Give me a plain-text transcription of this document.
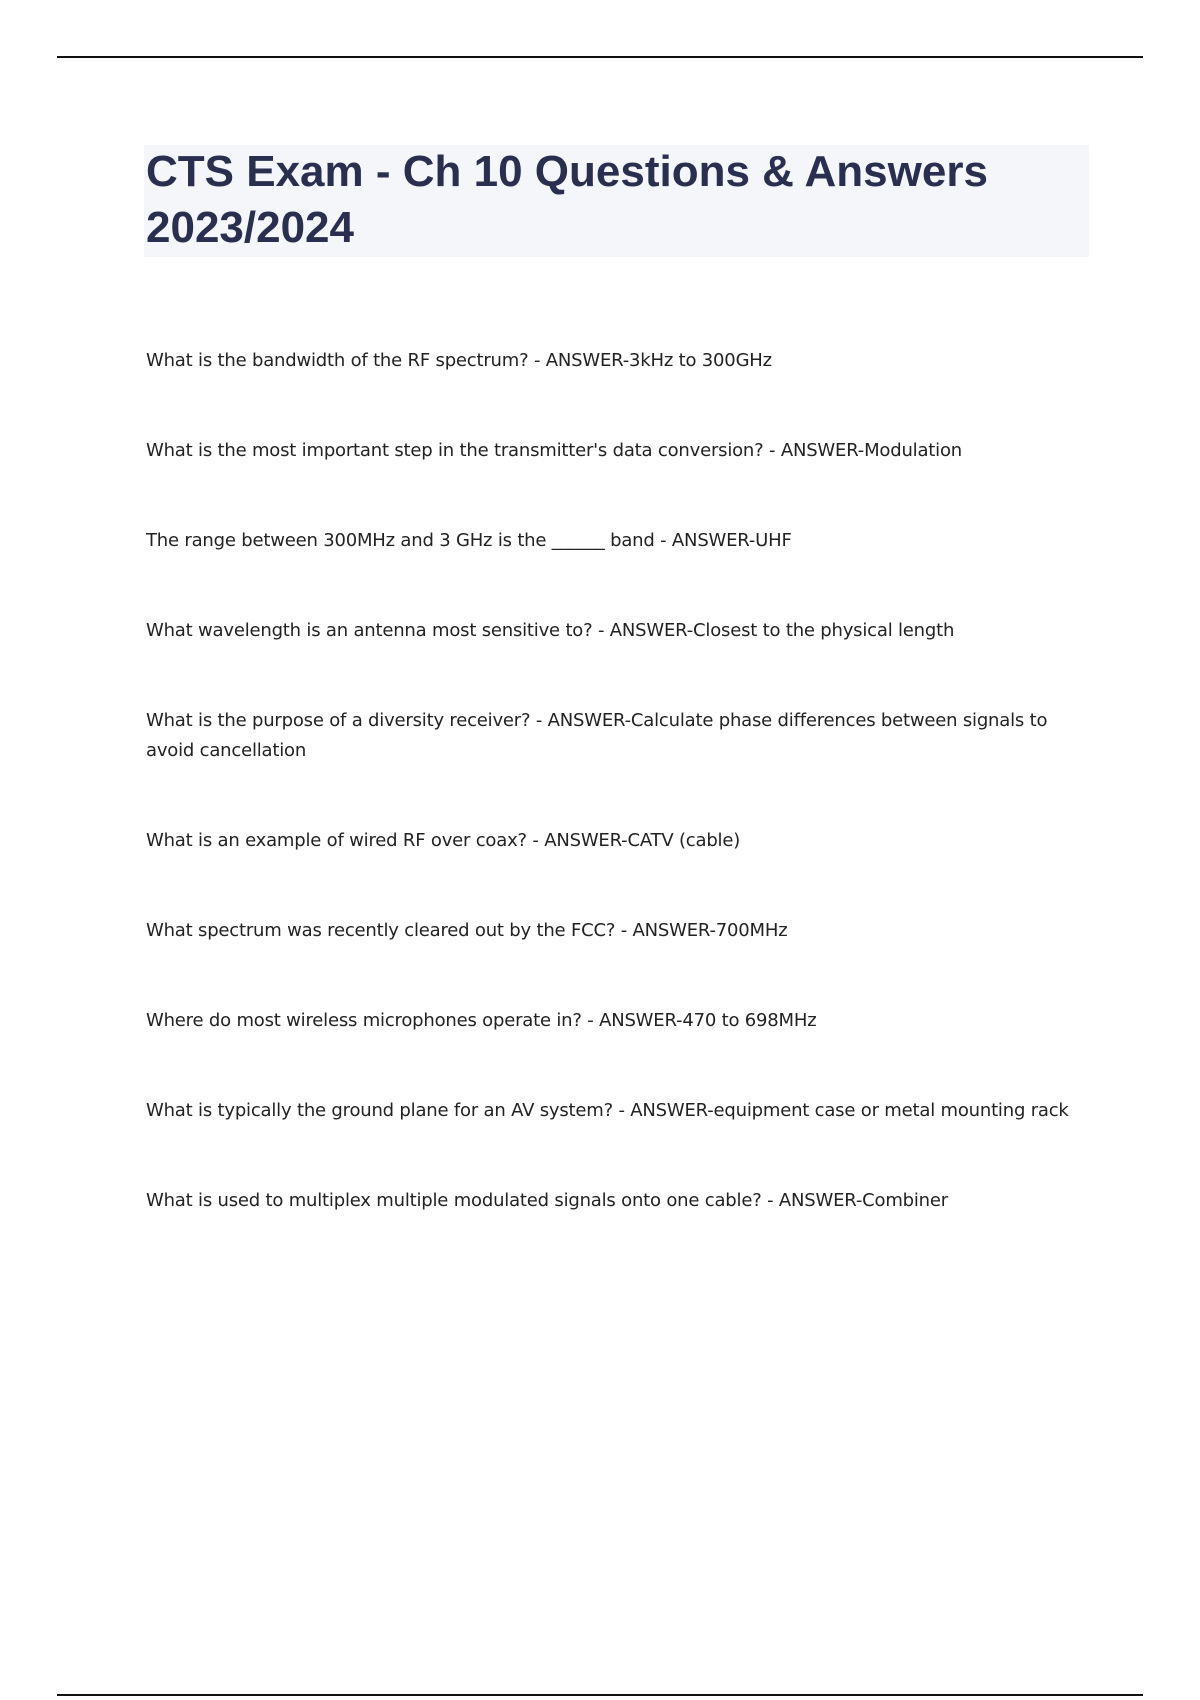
CTS Exam - Ch 10 Questions & Answers 2023/2024
What is the bandwidth of the RF spectrum? - ANSWER-3kHz to 300GHz
What is the most important step in the transmitter's data conversion? - ANSWER-Modulation
The range between 300MHz and 3 GHz is the ______ band - ANSWER-UHF
What wavelength is an antenna most sensitive to? - ANSWER-Closest to the physical length
What is the purpose of a diversity receiver? - ANSWER-Calculate phase differences between signals to avoid cancellation
What is an example of wired RF over coax? - ANSWER-CATV (cable)
What spectrum was recently cleared out by the FCC? - ANSWER-700MHz
Where do most wireless microphones operate in? - ANSWER-470 to 698MHz
What is typically the ground plane for an AV system? - ANSWER-equipment case or metal mounting rack
What is used to multiplex multiple modulated signals onto one cable? - ANSWER-Combiner
